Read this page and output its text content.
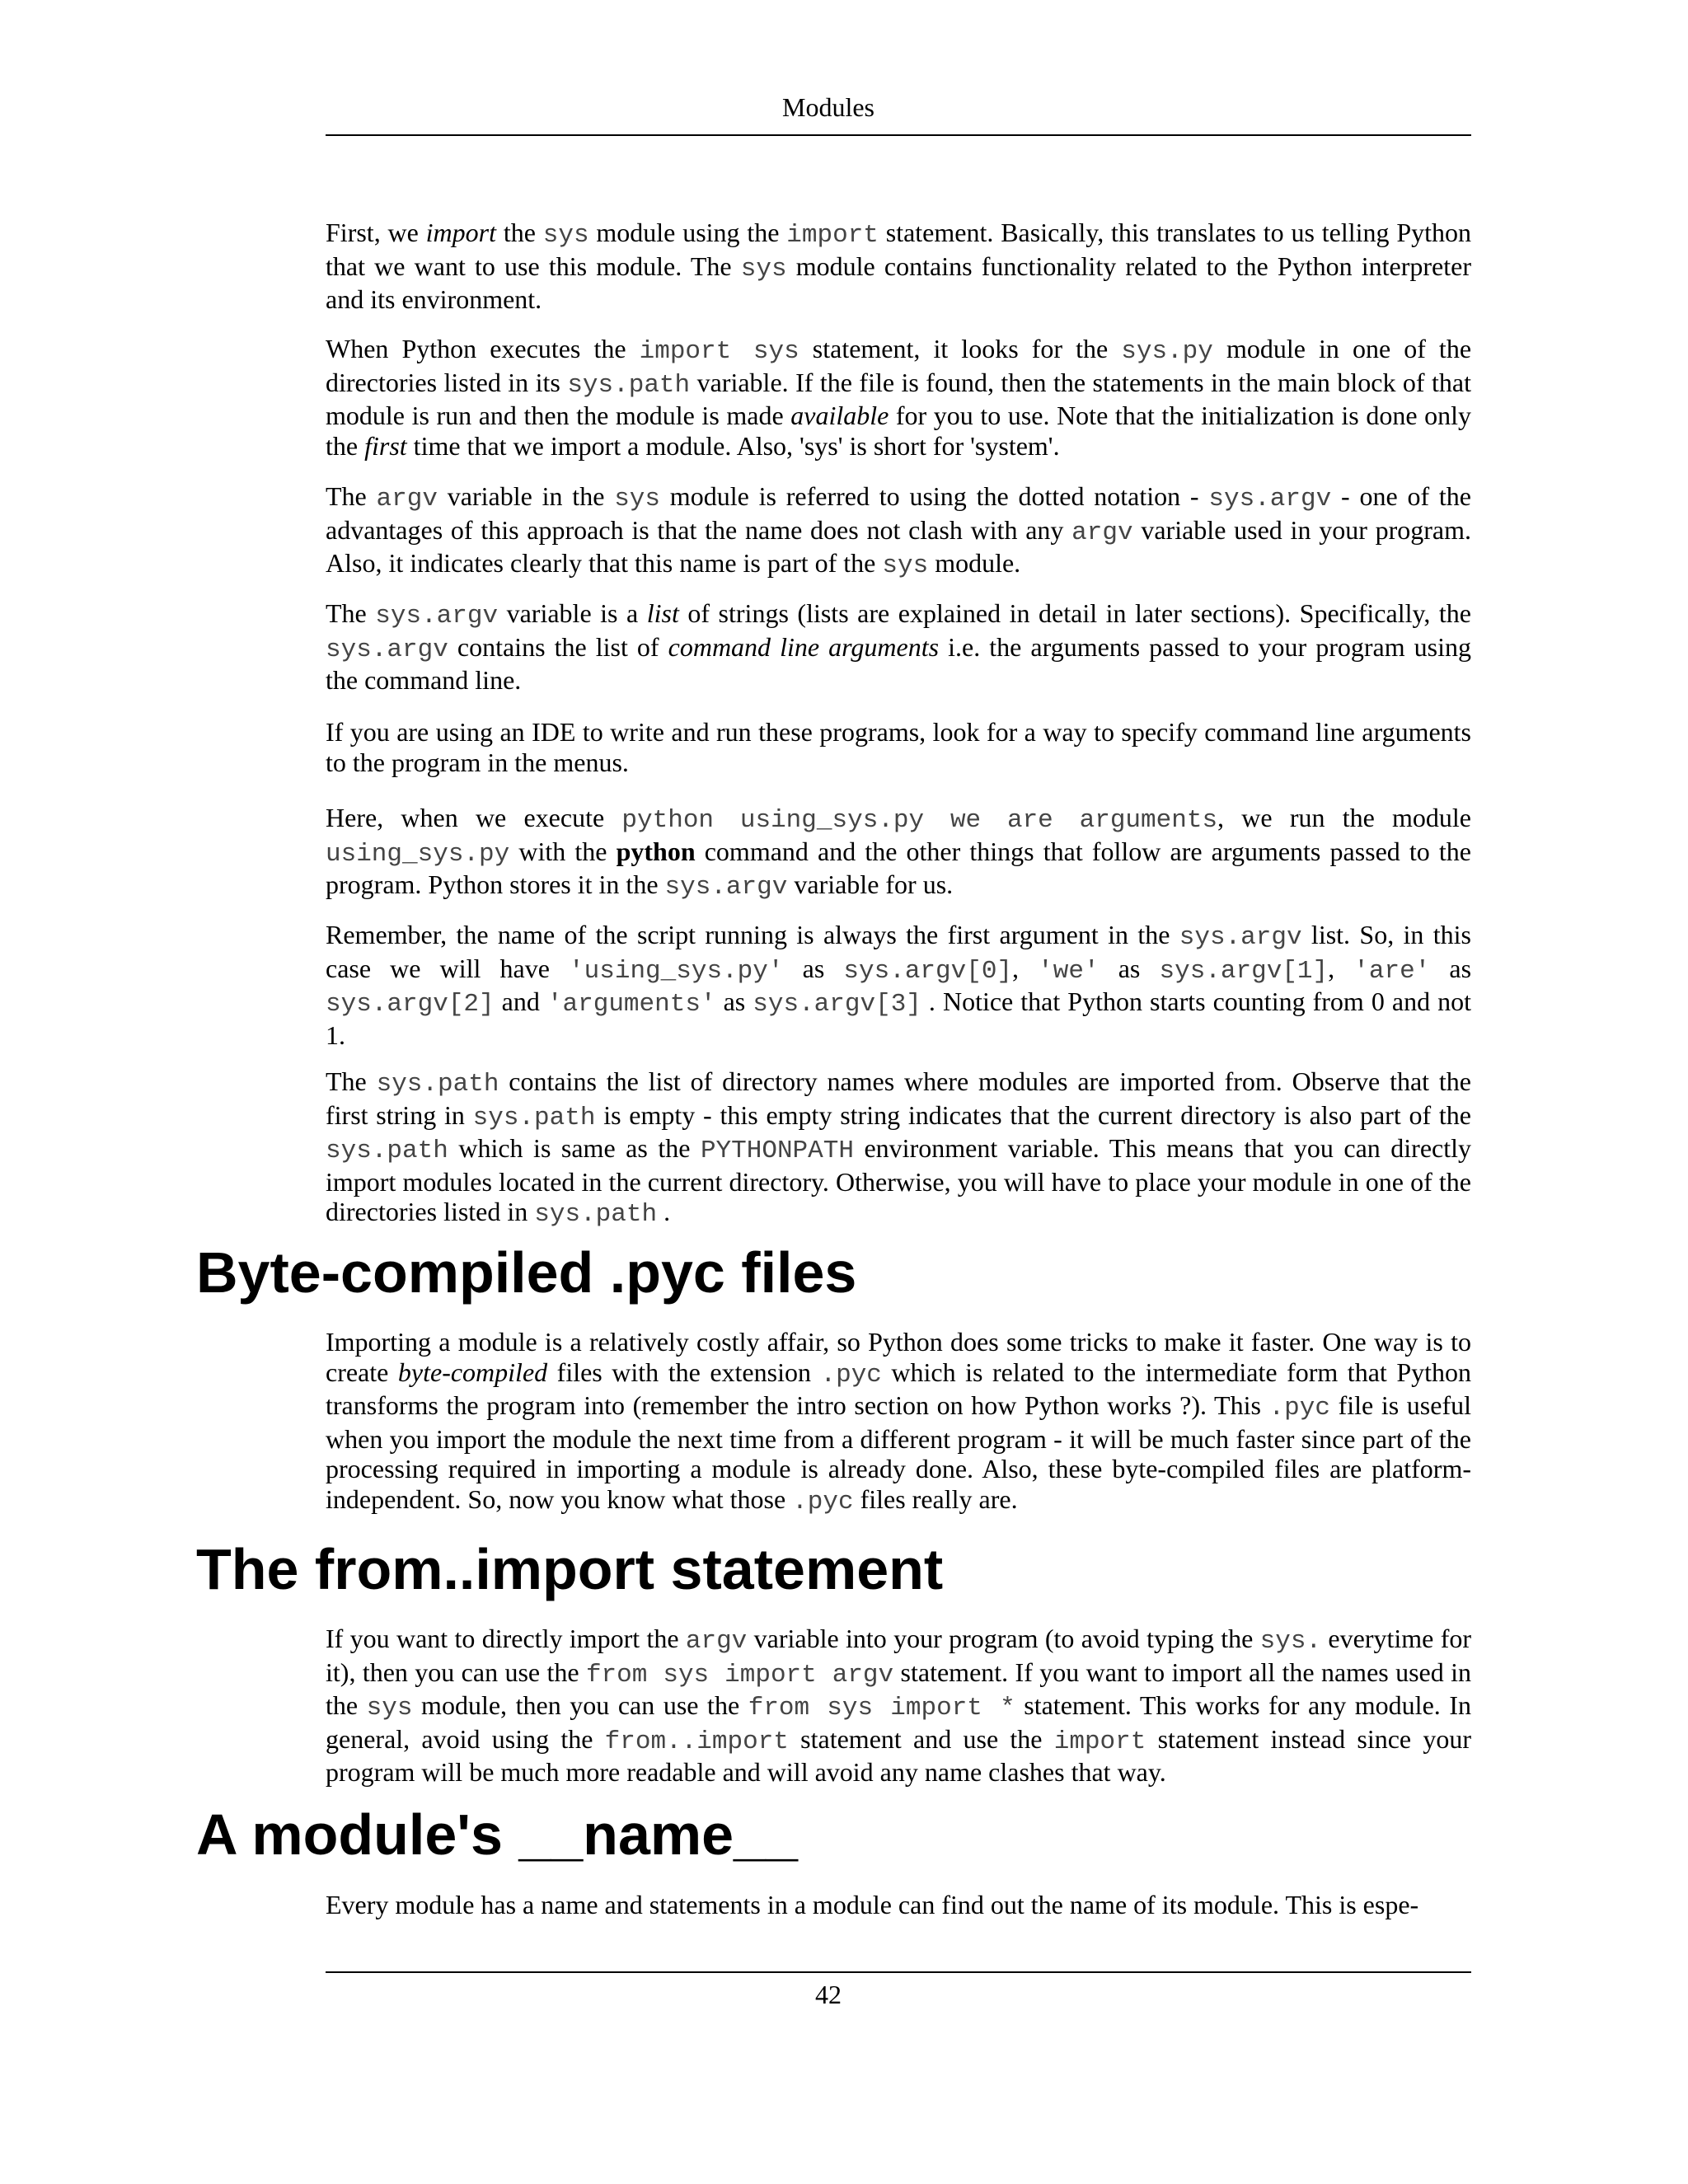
Modules

First, we import the sys module using the import statement. Basically, this translates to us telling Python that we want to use this module. The sys module contains functionality related to the Python interpreter and its environment.

When Python executes the import sys statement, it looks for the sys.py module in one of the directories listed in its sys.path variable. If the file is found, then the statements in the main block of that module is run and then the module is made available for you to use. Note that the initialization is done only the first time that we import a module. Also, 'sys' is short for 'system'.

The argv variable in the sys module is referred to using the dotted notation - sys.argv - one of the advantages of this approach is that the name does not clash with any argv variable used in your program. Also, it indicates clearly that this name is part of the sys module.

The sys.argv variable is a list of strings (lists are explained in detail in later sections). Specifically, the sys.argv contains the list of command line arguments i.e. the arguments passed to your program using the command line.

If you are using an IDE to write and run these programs, look for a way to specify command line arguments to the program in the menus.

Here, when we execute python using_sys.py we are arguments, we run the module using_sys.py with the python command and the other things that follow are arguments passed to the program. Python stores it in the sys.argv variable for us.

Remember, the name of the script running is always the first argument in the sys.argv list. So, in this case we will have 'using_sys.py' as sys.argv[0], 'we' as sys.argv[1], 'are' as sys.argv[2] and 'arguments' as sys.argv[3] . Notice that Python starts counting from 0 and not 1.

The sys.path contains the list of directory names where modules are imported from. Observe that the first string in sys.path is empty - this empty string indicates that the current directory is also part of the sys.path which is same as the PYTHONPATH environment variable. This means that you can directly import modules located in the current directory. Otherwise, you will have to place your module in one of the directories listed in sys.path .

Byte-compiled .pyc files

Importing a module is a relatively costly affair, so Python does some tricks to make it faster. One way is to create byte-compiled files with the extension .pyc which is related to the intermediate form that Python transforms the program into (remember the intro section on how Python works ?). This .pyc file is useful when you import the module the next time from a different program - it will be much faster since part of the processing required in importing a module is already done. Also, these byte-compiled files are platform-independent. So, now you know what those .pyc files really are.

The from..import statement

If you want to directly import the argv variable into your program (to avoid typing the sys. everytime for it), then you can use the from sys import argv statement. If you want to import all the names used in the sys module, then you can use the from sys import * statement. This works for any module. In general, avoid using the from..import statement and use the import statement instead since your program will be much more readable and will avoid any name clashes that way.

A module's __name__

Every module has a name and statements in a module can find out the name of its module. This is espe-

42
